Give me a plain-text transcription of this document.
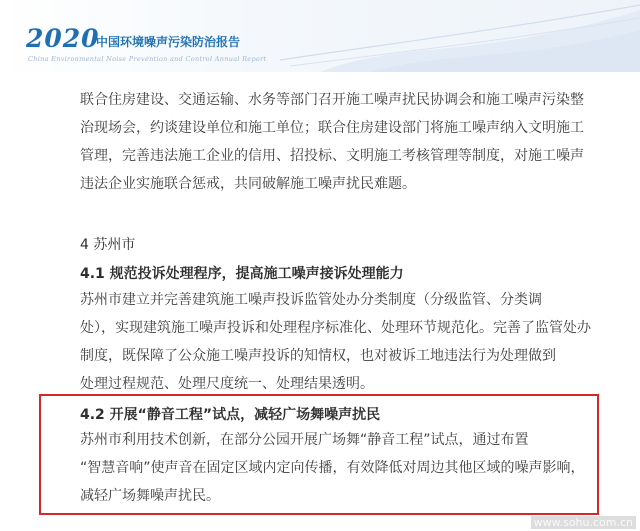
2020
中国环境噪声污染防治报告
China Environmental Noise Prevention and Control Annual Report

联合住房建设、交通运输、水务等部门召开施工噪声扰民协调会和施工噪声污染整

治现场会，约谈建设单位和施工单位；联合住房建设部门将施工噪声纳入文明施工

管理，完善违法施工企业的信用、招投标、文明施工考核管理等制度，对施工噪声

违法企业实施联合惩戒，共同破解施工噪声扰民难题。

4 苏州市
4.1 规范投诉处理程序，提高施工噪声接诉处理能力

苏州市建立并完善建筑施工噪声投诉监管处办分类制度（分级监管、分类调

处），实现建筑施工噪声投诉和处理程序标准化、处理环节规范化。完善了监管处办

制度，既保障了公众施工噪声投诉的知情权，也对被诉工地违法行为处理做到

处理过程规范、处理尺度统一、处理结果透明。

4.2 开展“静音工程”试点，减轻广场舞噪声扰民

苏州市利用技术创新，在部分公园开展广场舞“静音工程”试点，通过布置

“智慧音响”使声音在固定区域内定向传播，有效降低对周边其他区域的噪声影响，

减轻广场舞噪声扰民。

www.sohu.com.cn
